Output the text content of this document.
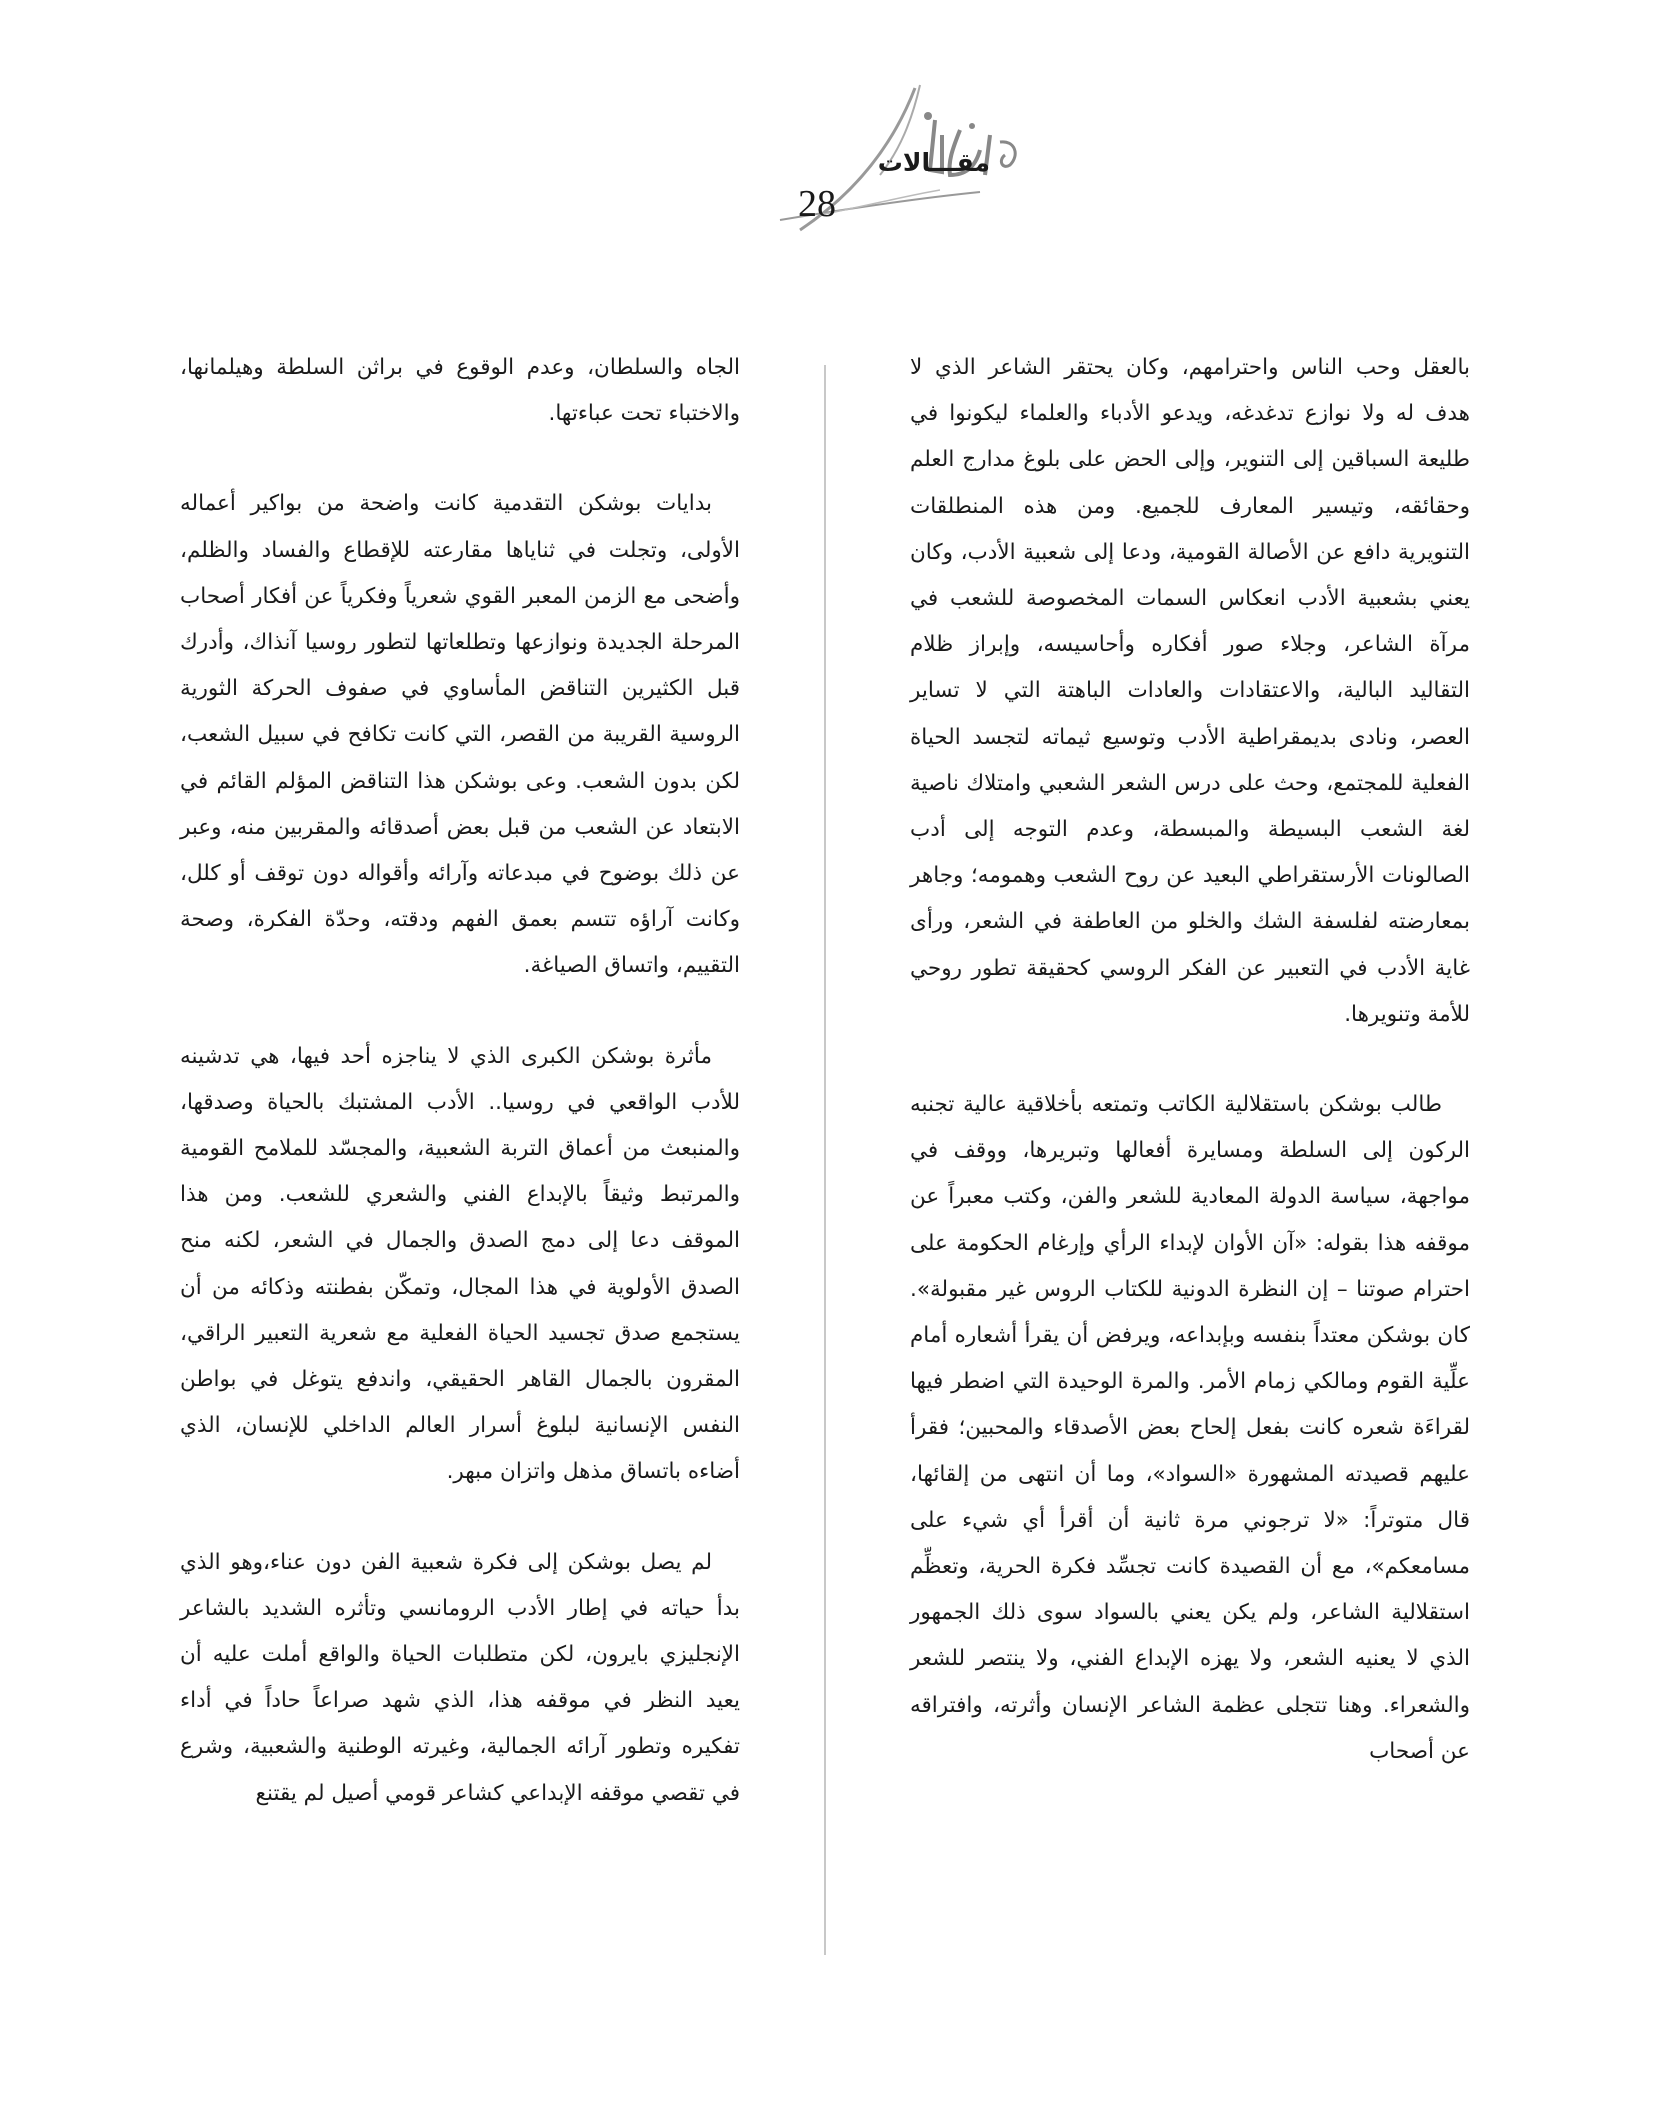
مقـــالات
28

بالعقل وحب الناس واحترامهم، وكان يحتقر الشاعر الذي لا هدف له ولا نوازع تدغدغه، ويدعو الأدباء والعلماء ليكونوا في طليعة السباقين إلى التنوير، وإلى الحض على بلوغ مدارج العلم وحقائقه، وتيسير المعارف للجميع. ومن هذه المنطلقات التنويرية دافع عن الأصالة القومية، ودعا إلى شعبية الأدب، وكان يعني بشعبية الأدب انعكاس السمات المخصوصة للشعب في مرآة الشاعر، وجلاء صور أفكاره وأحاسيسه، وإبراز ظلام التقاليد البالية، والاعتقادات والعادات الباهتة التي لا تساير العصر، ونادى بديمقراطية الأدب وتوسيع ثيماته لتجسد الحياة الفعلية للمجتمع، وحث على درس الشعر الشعبي وامتلاك ناصية لغة الشعب البسيطة والمبسطة، وعدم التوجه إلى أدب الصالونات الأرستقراطي البعيد عن روح الشعب وهمومه؛ وجاهر بمعارضته لفلسفة الشك والخلو من العاطفة في الشعر، ورأى غاية الأدب في التعبير عن الفكر الروسي كحقيقة تطور روحي للأمة وتنويرها.

طالب بوشكن باستقلالية الكاتب وتمتعه بأخلاقية عالية تجنبه الركون إلى السلطة ومسايرة أفعالها وتبريرها، ووقف في مواجهة، سياسة الدولة المعادية للشعر والفن، وكتب معبراً عن موقفه هذا بقوله: «آن الأوان لإبداء الرأي وإرغام الحكومة على احترام صوتنا – إن النظرة الدونية للكتاب الروس غير مقبولة». كان بوشكن معتداً بنفسه وبإبداعه، ويرفض أن يقرأ أشعاره أمام علِّية القوم ومالكي زمام الأمر. والمرة الوحيدة التي اضطر فيها لقراءَة شعره كانت بفعل إلحاح بعض الأصدقاء والمحبين؛ فقرأ عليهم قصيدته المشهورة «السواد»، وما أن انتهى من إلقائها، قال متوتراً: «لا ترجوني مرة ثانية أن أقرأ أي شيء على مسامعكم»، مع أن القصيدة كانت تجسِّد فكرة الحرية، وتعظِّم استقلالية الشاعر، ولم يكن يعني بالسواد سوى ذلك الجمهور الذي لا يعنيه الشعر، ولا يهزه الإبداع الفني، ولا ينتصر للشعر والشعراء. وهنا تتجلى عظمة الشاعر الإنسان وأثرته، وافتراقه عن أصحاب

الجاه والسلطان، وعدم الوقوع في براثن السلطة وهيلمانها، والاختباء تحت عباءتها.

بدايات بوشكن التقدمية كانت واضحة من بواكير أعماله الأولى، وتجلت في ثناياها مقارعته للإقطاع والفساد والظلم، وأضحى مع الزمن المعبر القوي شعرياً وفكرياً عن أفكار أصحاب المرحلة الجديدة ونوازعها وتطلعاتها لتطور روسيا آنذاك، وأدرك قبل الكثيرين التناقض المأساوي في صفوف الحركة الثورية الروسية القريبة من القصر، التي كانت تكافح في سبيل الشعب، لكن بدون الشعب. وعى بوشكن هذا التناقض المؤلم القائم في الابتعاد عن الشعب من قبل بعض أصدقائه والمقربين منه، وعبر عن ذلك بوضوح في مبدعاته وآرائه وأقواله دون توقف أو كلل، وكانت آراؤه تتسم بعمق الفهم ودقته، وحدّة الفكرة، وصحة التقييم، واتساق الصياغة.

مأثرة بوشكن الكبرى الذي لا يناجزه أحد فيها، هي تدشينه للأدب الواقعي في روسيا.. الأدب المشتبك بالحياة وصدقها، والمنبعث من أعماق التربة الشعبية، والمجسّد للملامح القومية والمرتبط وثيقاً بالإبداع الفني والشعري للشعب. ومن هذا الموقف دعا إلى دمج الصدق والجمال في الشعر، لكنه منح الصدق الأولوية في هذا المجال، وتمكّن بفطنته وذكائه من أن يستجمع صدق تجسيد الحياة الفعلية مع شعرية التعبير الراقي، المقرون بالجمال القاهر الحقيقي، واندفع يتوغل في بواطن النفس الإنسانية لبلوغ أسرار العالم الداخلي للإنسان، الذي أضاءه باتساق مذهل واتزان مبهر.

لم يصل بوشكن إلى فكرة شعبية الفن دون عناء،وهو الذي بدأ حياته في إطار الأدب الرومانسي وتأثره الشديد بالشاعر الإنجليزي بايرون، لكن متطلبات الحياة والواقع أملت عليه أن يعيد النظر في موقفه هذا، الذي شهد صراعاً حاداً في أداء تفكيره وتطور آرائه الجمالية، وغيرته الوطنية والشعبية، وشرع في تقصي موقفه الإبداعي كشاعر قومي أصيل لم يقتنع
